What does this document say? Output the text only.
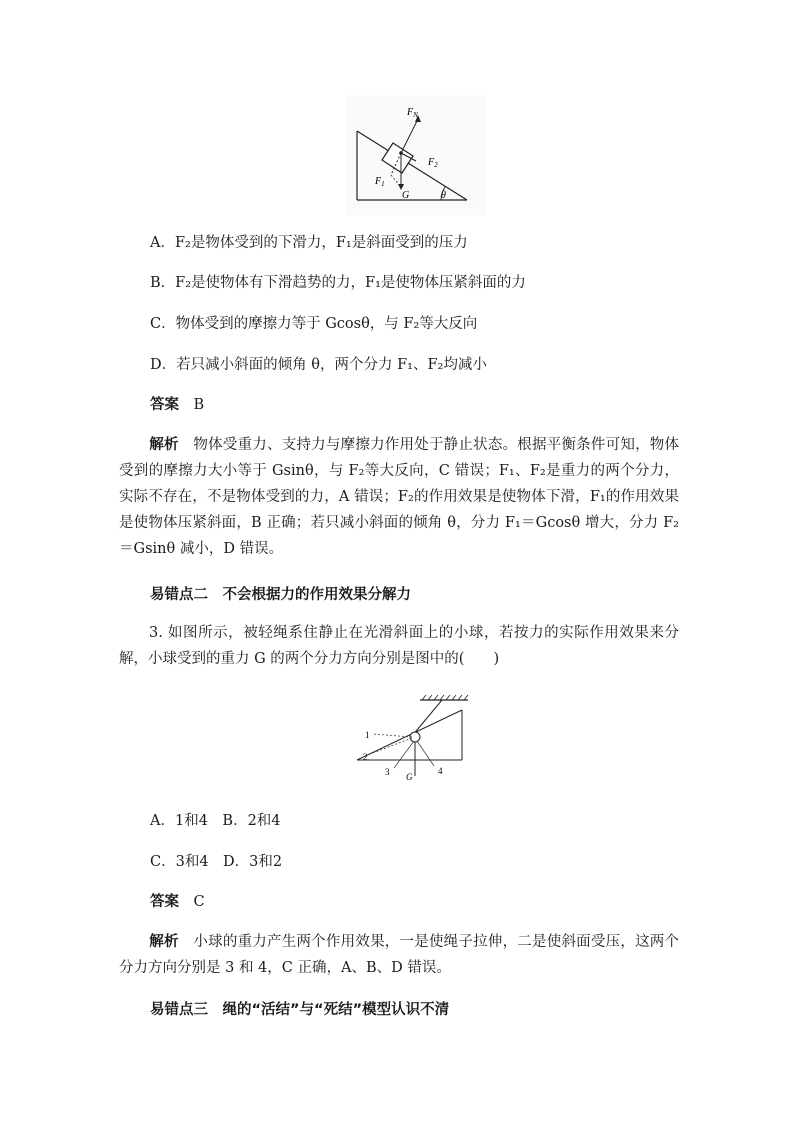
$F_N$
$F_2$
$F_1$
G	θ
A．F₂是物体受到的下滑力，F₁是斜面受到的压力
B．F₂是使物体有下滑趋势的力，F₁是使物体压紧斜面的力
C．物体受到的摩擦力等于 Gcosθ，与 F₂等大反向
D．若只减小斜面的倾角 θ，两个分力 F₁、F₂均减小
答案　 B
解析　 物体受重力、支持力与摩擦力作用处于静止状态。根据平衡条件可知，物体受到的摩擦力大小等于 Gsinθ，与 F₂等大反向，C 错误；F₁、F₂是重力的两个分力，实际不存在，不是物体受到的力，A 错误；F₂的作用效果是使物体下滑，F₁的作用效果是使物体压紧斜面，B 正确；若只减小斜面的倾角 θ，分力 F₁＝Gcosθ 增大，分力 F₂＝Gsinθ 减小，D 错误。
易错点二　不会根据力的作用效果分解力
3. 如图所示，被轻绳系住静止在光滑斜面上的小球，若按力的实际作用效果来分解，小球受到的重力 G 的两个分力方向分别是图中的(　　)
1
2
3	4
G
A．1和4　B．2和4
C．3和4　D．3和2
答案　 C
解析　 小球的重力产生两个作用效果，一是使绳子拉伸，二是使斜面受压，这两个分力方向分别是 3 和 4，C 正确，A、B、D 错误。
易错点三　绳的“活结”与“死结”模型认识不清
